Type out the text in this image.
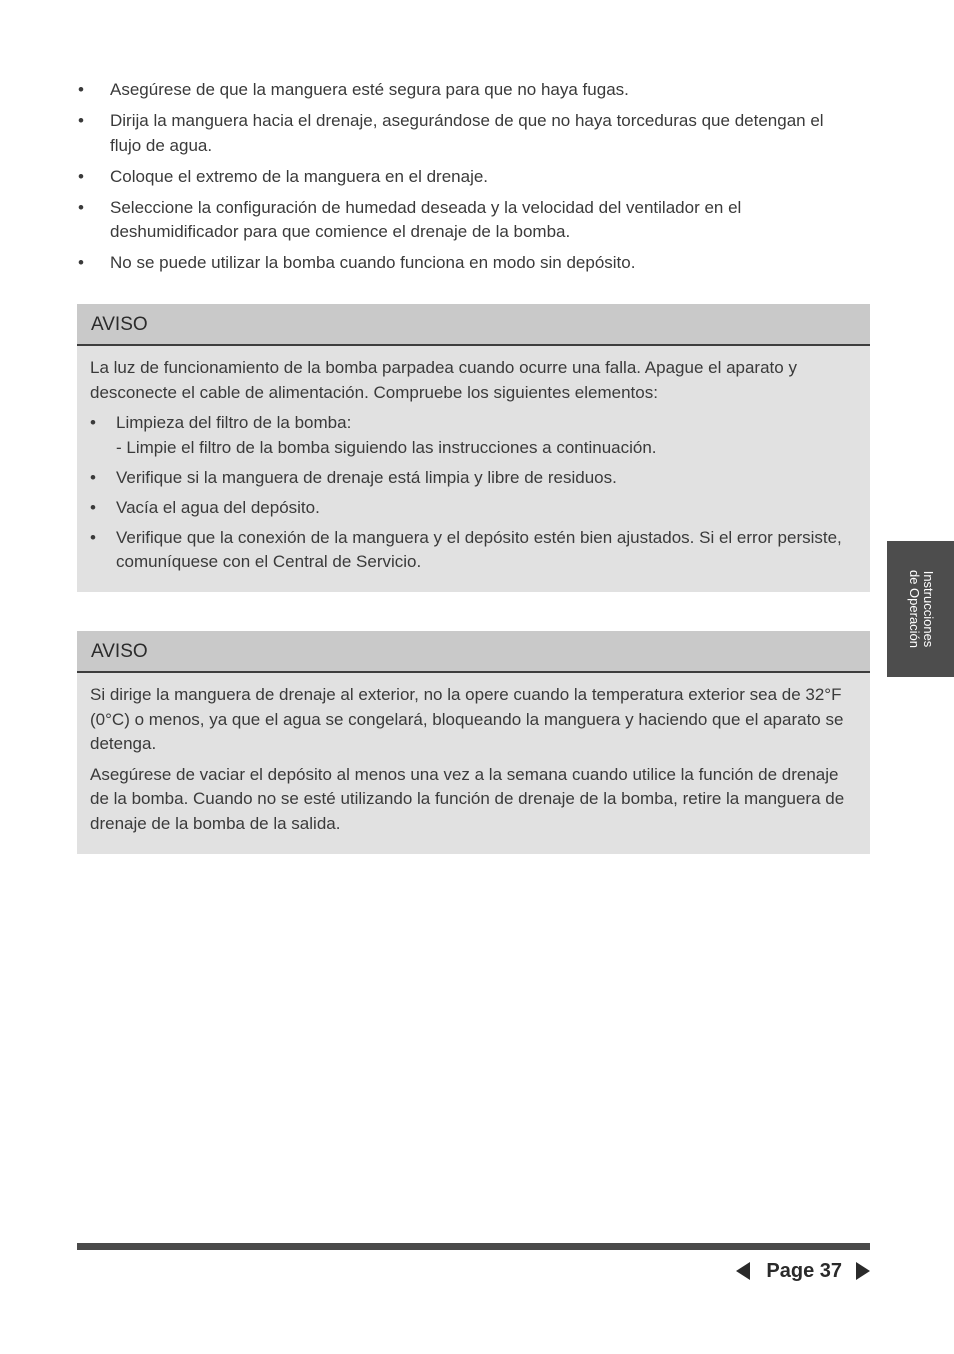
• Asegúrese de que la manguera esté segura para que no haya fugas.
• Dirija la manguera hacia el drenaje, asegurándose de que no haya torceduras que detengan el flujo de agua.
• Coloque el extremo de la manguera en el drenaje.
• Seleccione la configuración de humedad deseada y la velocidad del ventilador en el deshumidificador para que comience el drenaje de la bomba.
• No se puede utilizar la bomba cuando funciona en modo sin depósito.
AVISO

La luz de funcionamiento de la bomba parpadea cuando ocurre una falla. Apague el aparato y desconecte el cable de alimentación. Compruebe los siguientes elementos:

• Limpieza del filtro de la bomba:
- Limpie el filtro de la bomba siguiendo las instrucciones a continuación.
• Verifique si la manguera de drenaje está limpia y libre de residuos.
• Vacía el agua del depósito.
• Verifique que la conexión de la manguera y el depósito estén bien ajustados. Si el error persiste, comuníquese con el Central de Servicio.
AVISO

Si dirige la manguera de drenaje al exterior, no la opere cuando la temperatura exterior sea de 32°F (0°C) o menos, ya que el agua se congelará, bloqueando la manguera y haciendo que el aparato se detenga.

Asegúrese de vaciar el depósito al menos una vez a la semana cuando utilice la función de drenaje de la bomba. Cuando no se esté utilizando la función de drenaje de la bomba, retire la manguera de drenaje de la bomba de la salida.

Instrucciones
de Operación
Page 37
